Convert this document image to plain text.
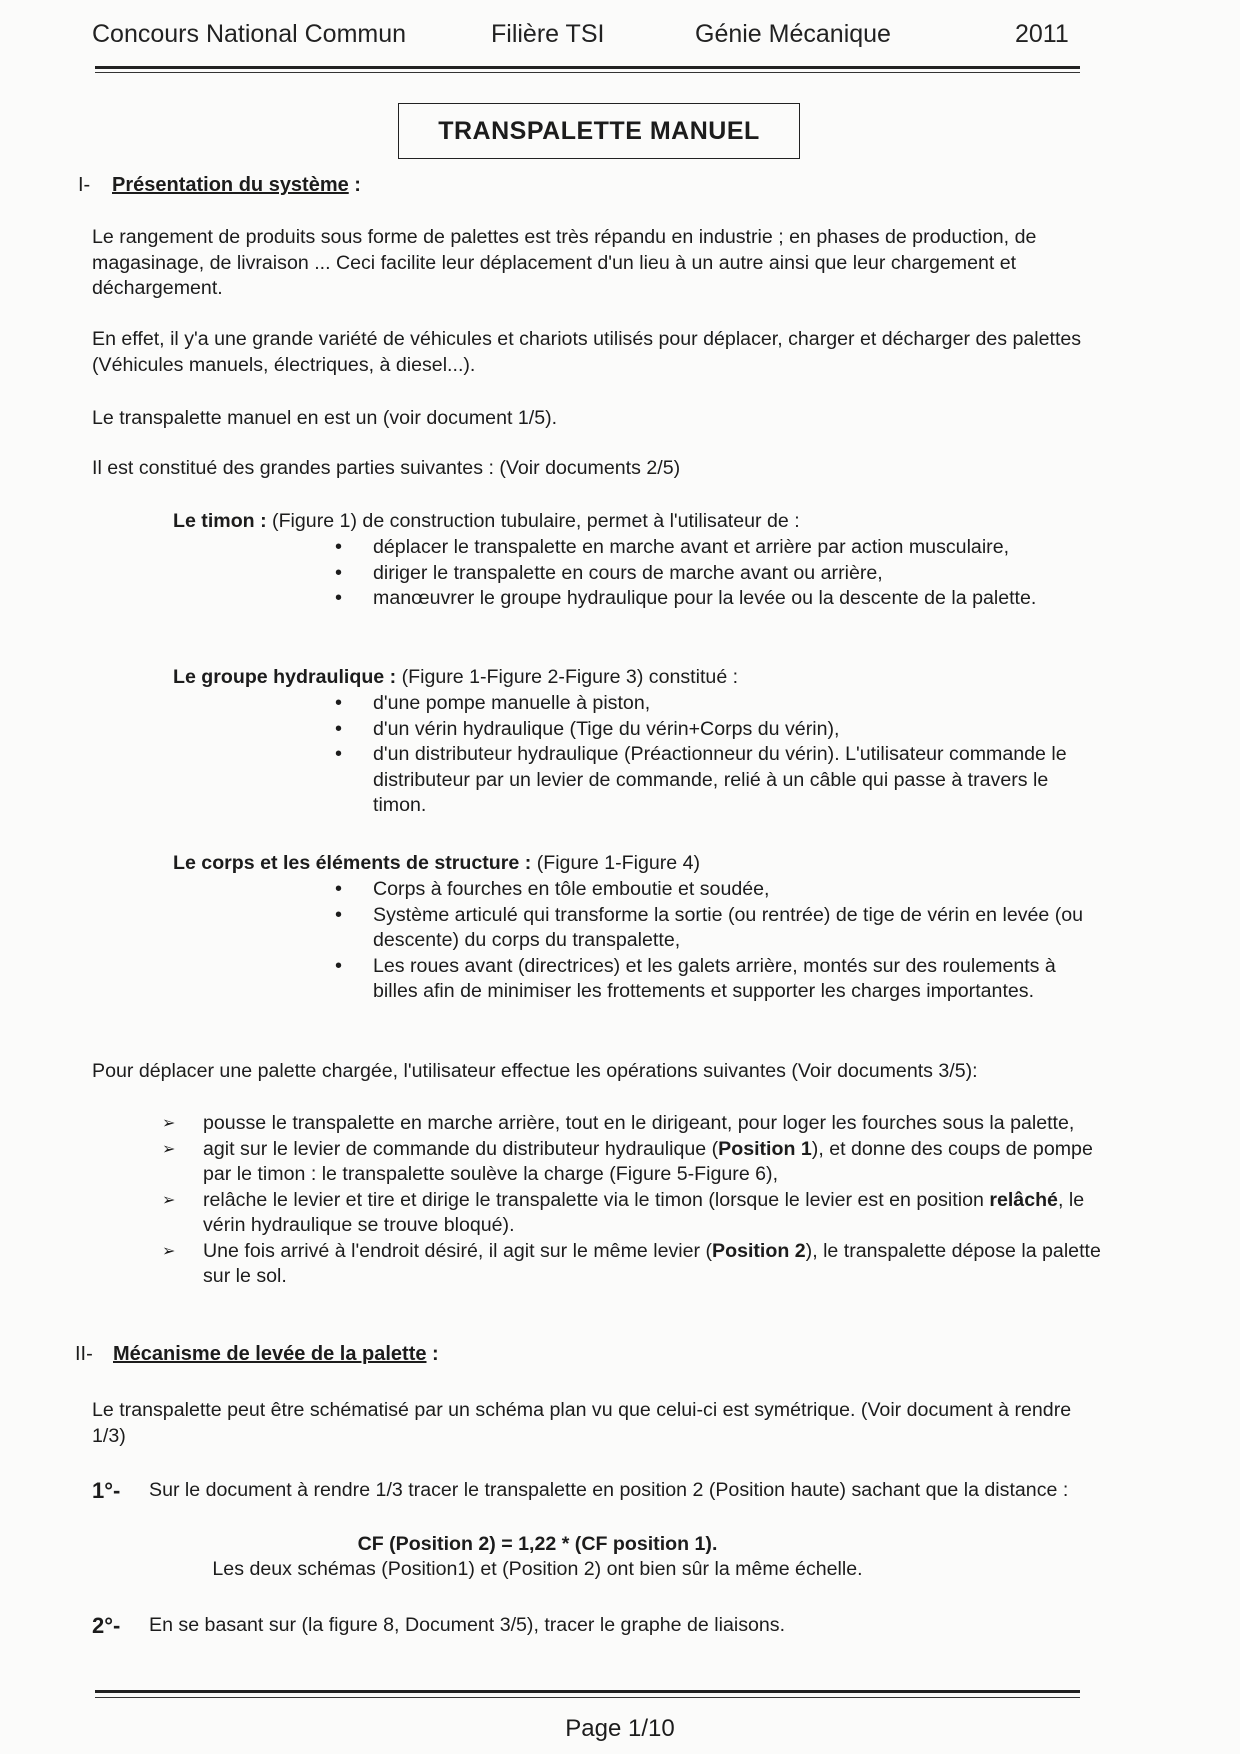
Concours National Commun	Filière TSI	Génie Mécanique	2011
TRANSPALETTE MANUEL
I- Présentation du système :

Le rangement de produits sous forme de palettes est très répandu en industrie ; en phases de production, de magasinage, de livraison ... Ceci facilite leur déplacement d'un lieu à un autre ainsi que leur chargement et déchargement.

En effet, il y'a une grande variété de véhicules et chariots utilisés pour déplacer, charger et décharger des palettes (Véhicules manuels, électriques, à diesel...).

Le transpalette manuel en est un (voir document 1/5).

Il est constitué des grandes parties suivantes : (Voir documents 2/5)

Le timon : (Figure 1) de construction tubulaire, permet à l'utilisateur de :

• déplacer le transpalette en marche avant et arrière par action musculaire,
• diriger le transpalette en cours de marche avant ou arrière,
• manœuvrer le groupe hydraulique pour la levée ou la descente de la palette.

Le groupe hydraulique : (Figure 1-Figure 2-Figure 3) constitué :

• d'une pompe manuelle à piston,
• d'un vérin hydraulique (Tige du vérin+Corps du vérin),
• d'un distributeur hydraulique (Préactionneur du vérin). L'utilisateur commande le distributeur par un levier de commande, relié à un câble qui passe à travers le timon.

Le corps et les éléments de structure : (Figure 1-Figure 4)

• Corps à fourches en tôle emboutie et soudée,
• Système articulé qui transforme la sortie (ou rentrée) de tige de vérin en levée (ou descente) du corps du transpalette,
• Les roues avant (directrices) et les galets arrière, montés sur des roulements à billes afin de minimiser les frottements et supporter les charges importantes.

Pour déplacer une palette chargée, l'utilisateur effectue les opérations suivantes (Voir documents 3/5):

➢ pousse le transpalette en marche arrière, tout en le dirigeant, pour loger les fourches sous la palette,
➢ agit sur le levier de commande du distributeur hydraulique (Position 1), et donne des coups de pompe par le timon : le transpalette soulève la charge (Figure 5-Figure 6),
➢ relâche le levier et tire et dirige le transpalette via le timon (lorsque le levier est en position relâché, le vérin hydraulique se trouve bloqué).
➢ Une fois arrivé à l'endroit désiré, il agit sur le même levier (Position 2), le transpalette dépose la palette sur le sol.
II- Mécanisme de levée de la palette :

Le transpalette peut être schématisé par un schéma plan vu que celui-ci est symétrique. (Voir document à rendre 1/3)

1°-	Sur le document à rendre 1/3 tracer le transpalette en position 2 (Position haute) sachant que la distance :
CF (Position 2) = 1,22 * (CF position 1).
Les deux schémas (Position1) et (Position 2) ont bien sûr la même échelle.
2°-	En se basant sur (la figure 8, Document 3/5), tracer le graphe de liaisons.
Page 1/10
